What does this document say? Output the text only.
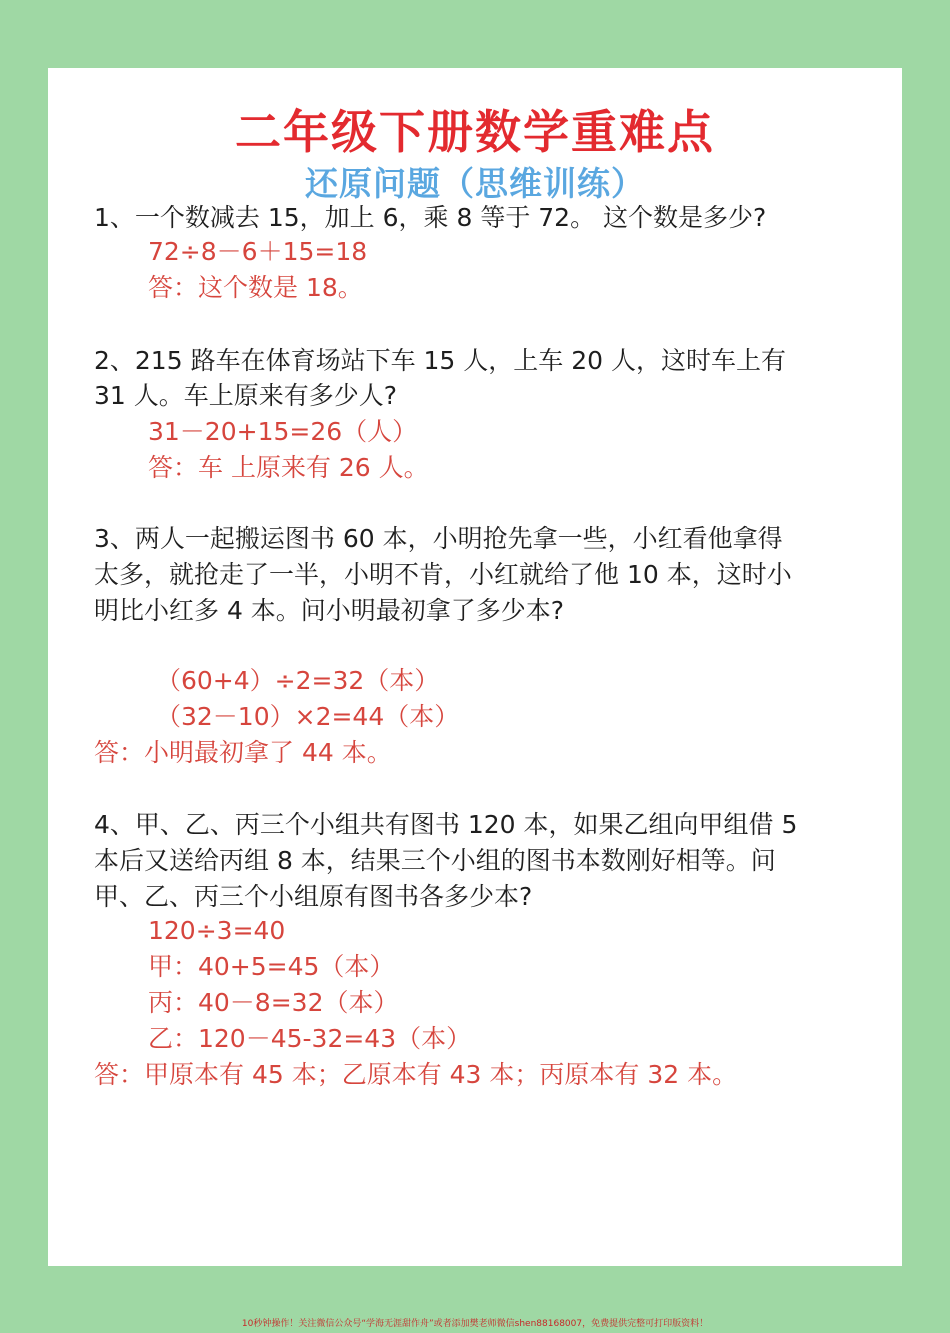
二年级下册数学重难点
还原问题（思维训练）
1、一个数减去 15，加上 6，乘 8 等于 72。 这个数是多少?
72÷8－6＋15=18
答：这个数是 18。
2、215 路车在体育场站下车 15 人，上车 20 人，这时车上有
31 人。车上原来有多少人?
31－20+15=26（人）
答：车 上原来有 26 人。
3、两人一起搬运图书 60 本，小明抢先拿一些，小红看他拿得
太多，就抢走了一半，小明不肯，小红就给了他 10 本，这时小
明比小红多 4 本。问小明最初拿了多少本?
（60+4）÷2=32（本）
（32－10）×2=44（本）
答：小明最初拿了 44 本。
4、甲、乙、丙三个小组共有图书 120 本，如果乙组向甲组借 5
本后又送给丙组 8 本，结果三个小组的图书本数刚好相等。问
甲、乙、丙三个小组原有图书各多少本?
120÷3=40
甲：40+5=45（本）
丙：40－8=32（本）
乙：120－45-32=43（本）
答：甲原本有 45 本；乙原本有 43 本；丙原本有 32 本。
10秒钟操作！关注微信公众号“学海无涯甜作舟”或者添加樊老师微信shen88168007，免费提供完整可打印版资料！
